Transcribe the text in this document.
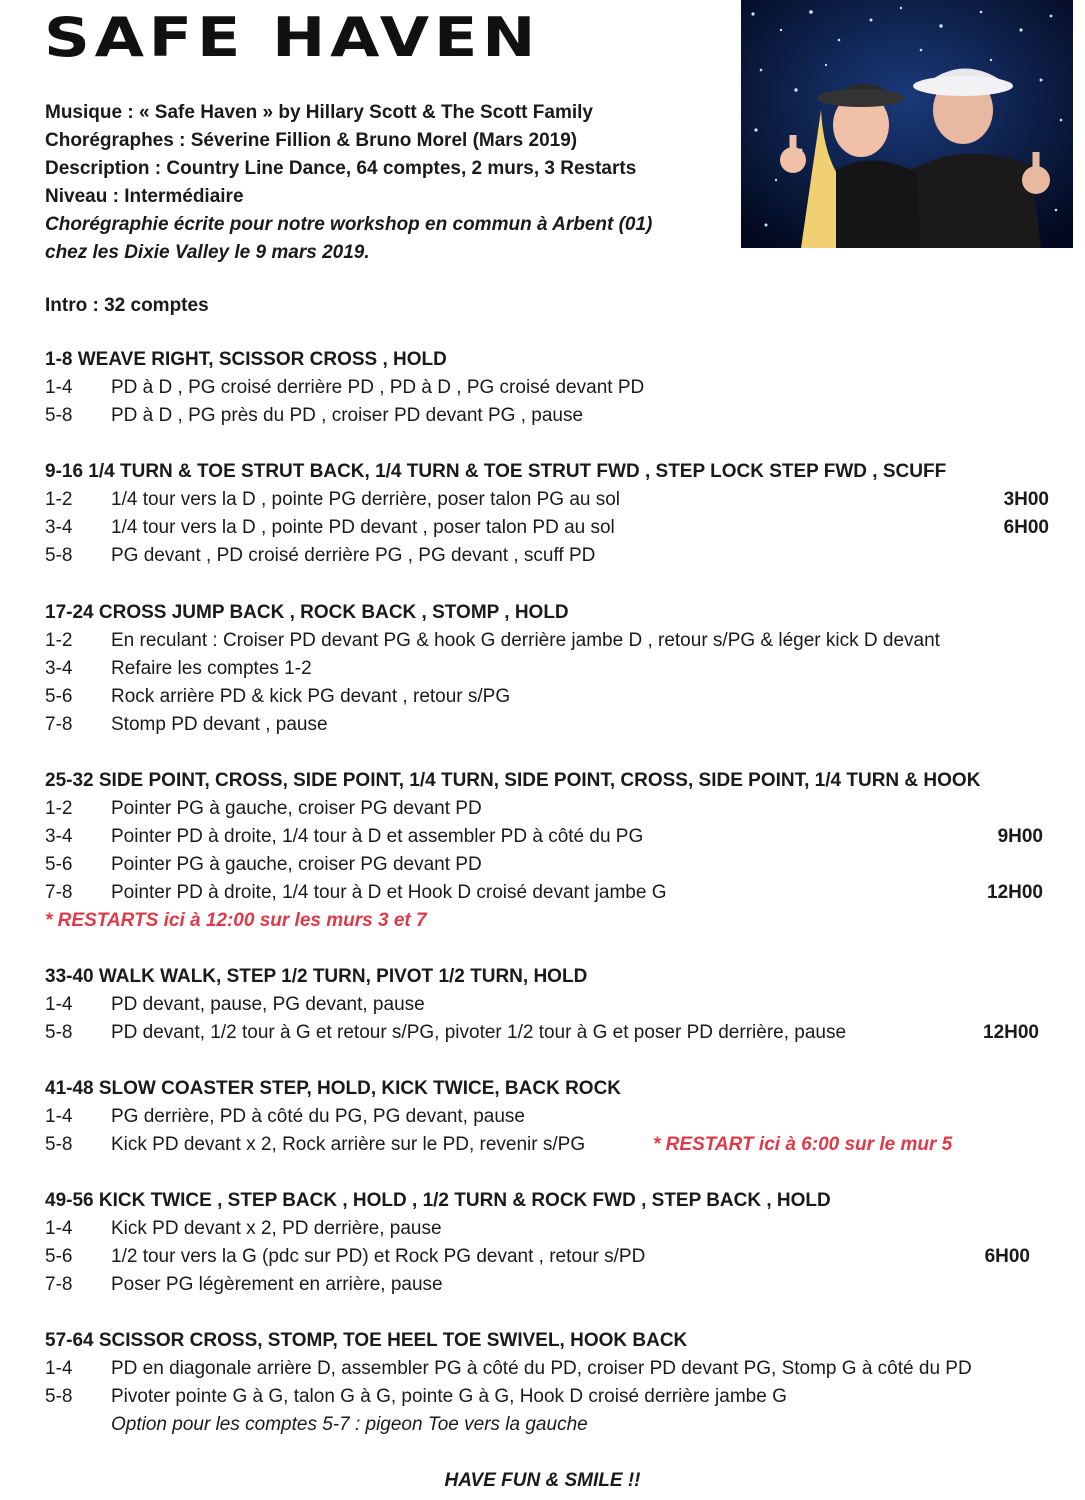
SAFE HAVEN
Musique : « Safe Haven » by Hillary Scott & The Scott Family
Chorégraphes : Séverine Fillion & Bruno Morel (Mars 2019)
Description : Country Line Dance, 64 comptes, 2 murs, 3 Restarts
Niveau : Intermédiaire
Chorégraphie écrite pour notre workshop en commun à Arbent (01)
chez les Dixie Valley le 9 mars 2019.
Intro : 32 comptes
1-8 WEAVE RIGHT, SCISSOR CROSS , HOLD
1-4 PD à D , PG croisé derrière PD , PD à D , PG croisé devant PD
5-8 PD à D , PG près du PD , croiser PD devant PG , pause
9-16 1/4 TURN & TOE STRUT BACK, 1/4 TURN & TOE STRUT FWD , STEP LOCK STEP FWD , SCUFF
1-2 1/4 tour vers la D , pointe PG derrière, poser talon PG au sol	3H00
3-4 1/4 tour vers la D , pointe PD devant , poser talon PD au sol	6H00
5-8 PG devant , PD croisé derrière PG , PG devant , scuff PD
17-24 CROSS JUMP BACK , ROCK BACK , STOMP , HOLD
1-2 En reculant : Croiser PD devant PG & hook G derrière jambe D , retour s/PG & léger kick D devant
3-4 Refaire les comptes 1-2
5-6 Rock arrière PD & kick PG devant , retour s/PG
7-8 Stomp PD devant , pause
25-32 SIDE POINT, CROSS, SIDE POINT, 1/4 TURN, SIDE POINT, CROSS, SIDE POINT, 1/4 TURN & HOOK
1-2 Pointer PG à gauche, croiser PG devant PD
3-4 Pointer PD à droite, 1/4 tour à D et assembler PD à côté du PG	9H00
5-6 Pointer PG à gauche, croiser PG devant PD
7-8 Pointer PD à droite, 1/4 tour à D et Hook D croisé devant jambe G	12H00
* RESTARTS ici à 12:00 sur les murs 3 et 7
33-40 WALK WALK, STEP 1/2 TURN, PIVOT 1/2 TURN, HOLD
1-4 PD devant, pause, PG devant, pause
5-8 PD devant, 1/2 tour à G et retour s/PG, pivoter 1/2 tour à G et poser PD derrière, pause	12H00
41-48 SLOW COASTER STEP, HOLD, KICK TWICE, BACK ROCK
1-4 PG derrière, PD à côté du PG, PG devant, pause
5-8 Kick PD devant x 2, Rock arrière sur le PD, revenir s/PG	* RESTART ici à 6:00 sur le mur 5
49-56 KICK TWICE , STEP BACK , HOLD , 1/2 TURN & ROCK FWD , STEP BACK , HOLD
1-4 Kick PD devant x 2, PD derrière, pause
5-6 1/2 tour vers la G (pdc sur PD) et Rock PG devant , retour s/PD	6H00
7-8 Poser PG légèrement en arrière, pause
57-64 SCISSOR CROSS, STOMP, TOE HEEL TOE SWIVEL, HOOK BACK
1-4 PD en diagonale arrière D, assembler PG à côté du PD, croiser PD devant PG, Stomp G à côté du PD
5-8 Pivoter pointe G à G, talon G à G, pointe G à G, Hook D croisé derrière jambe G
Option pour les comptes 5-7 : pigeon Toe vers la gauche
HAVE FUN & SMILE !!
